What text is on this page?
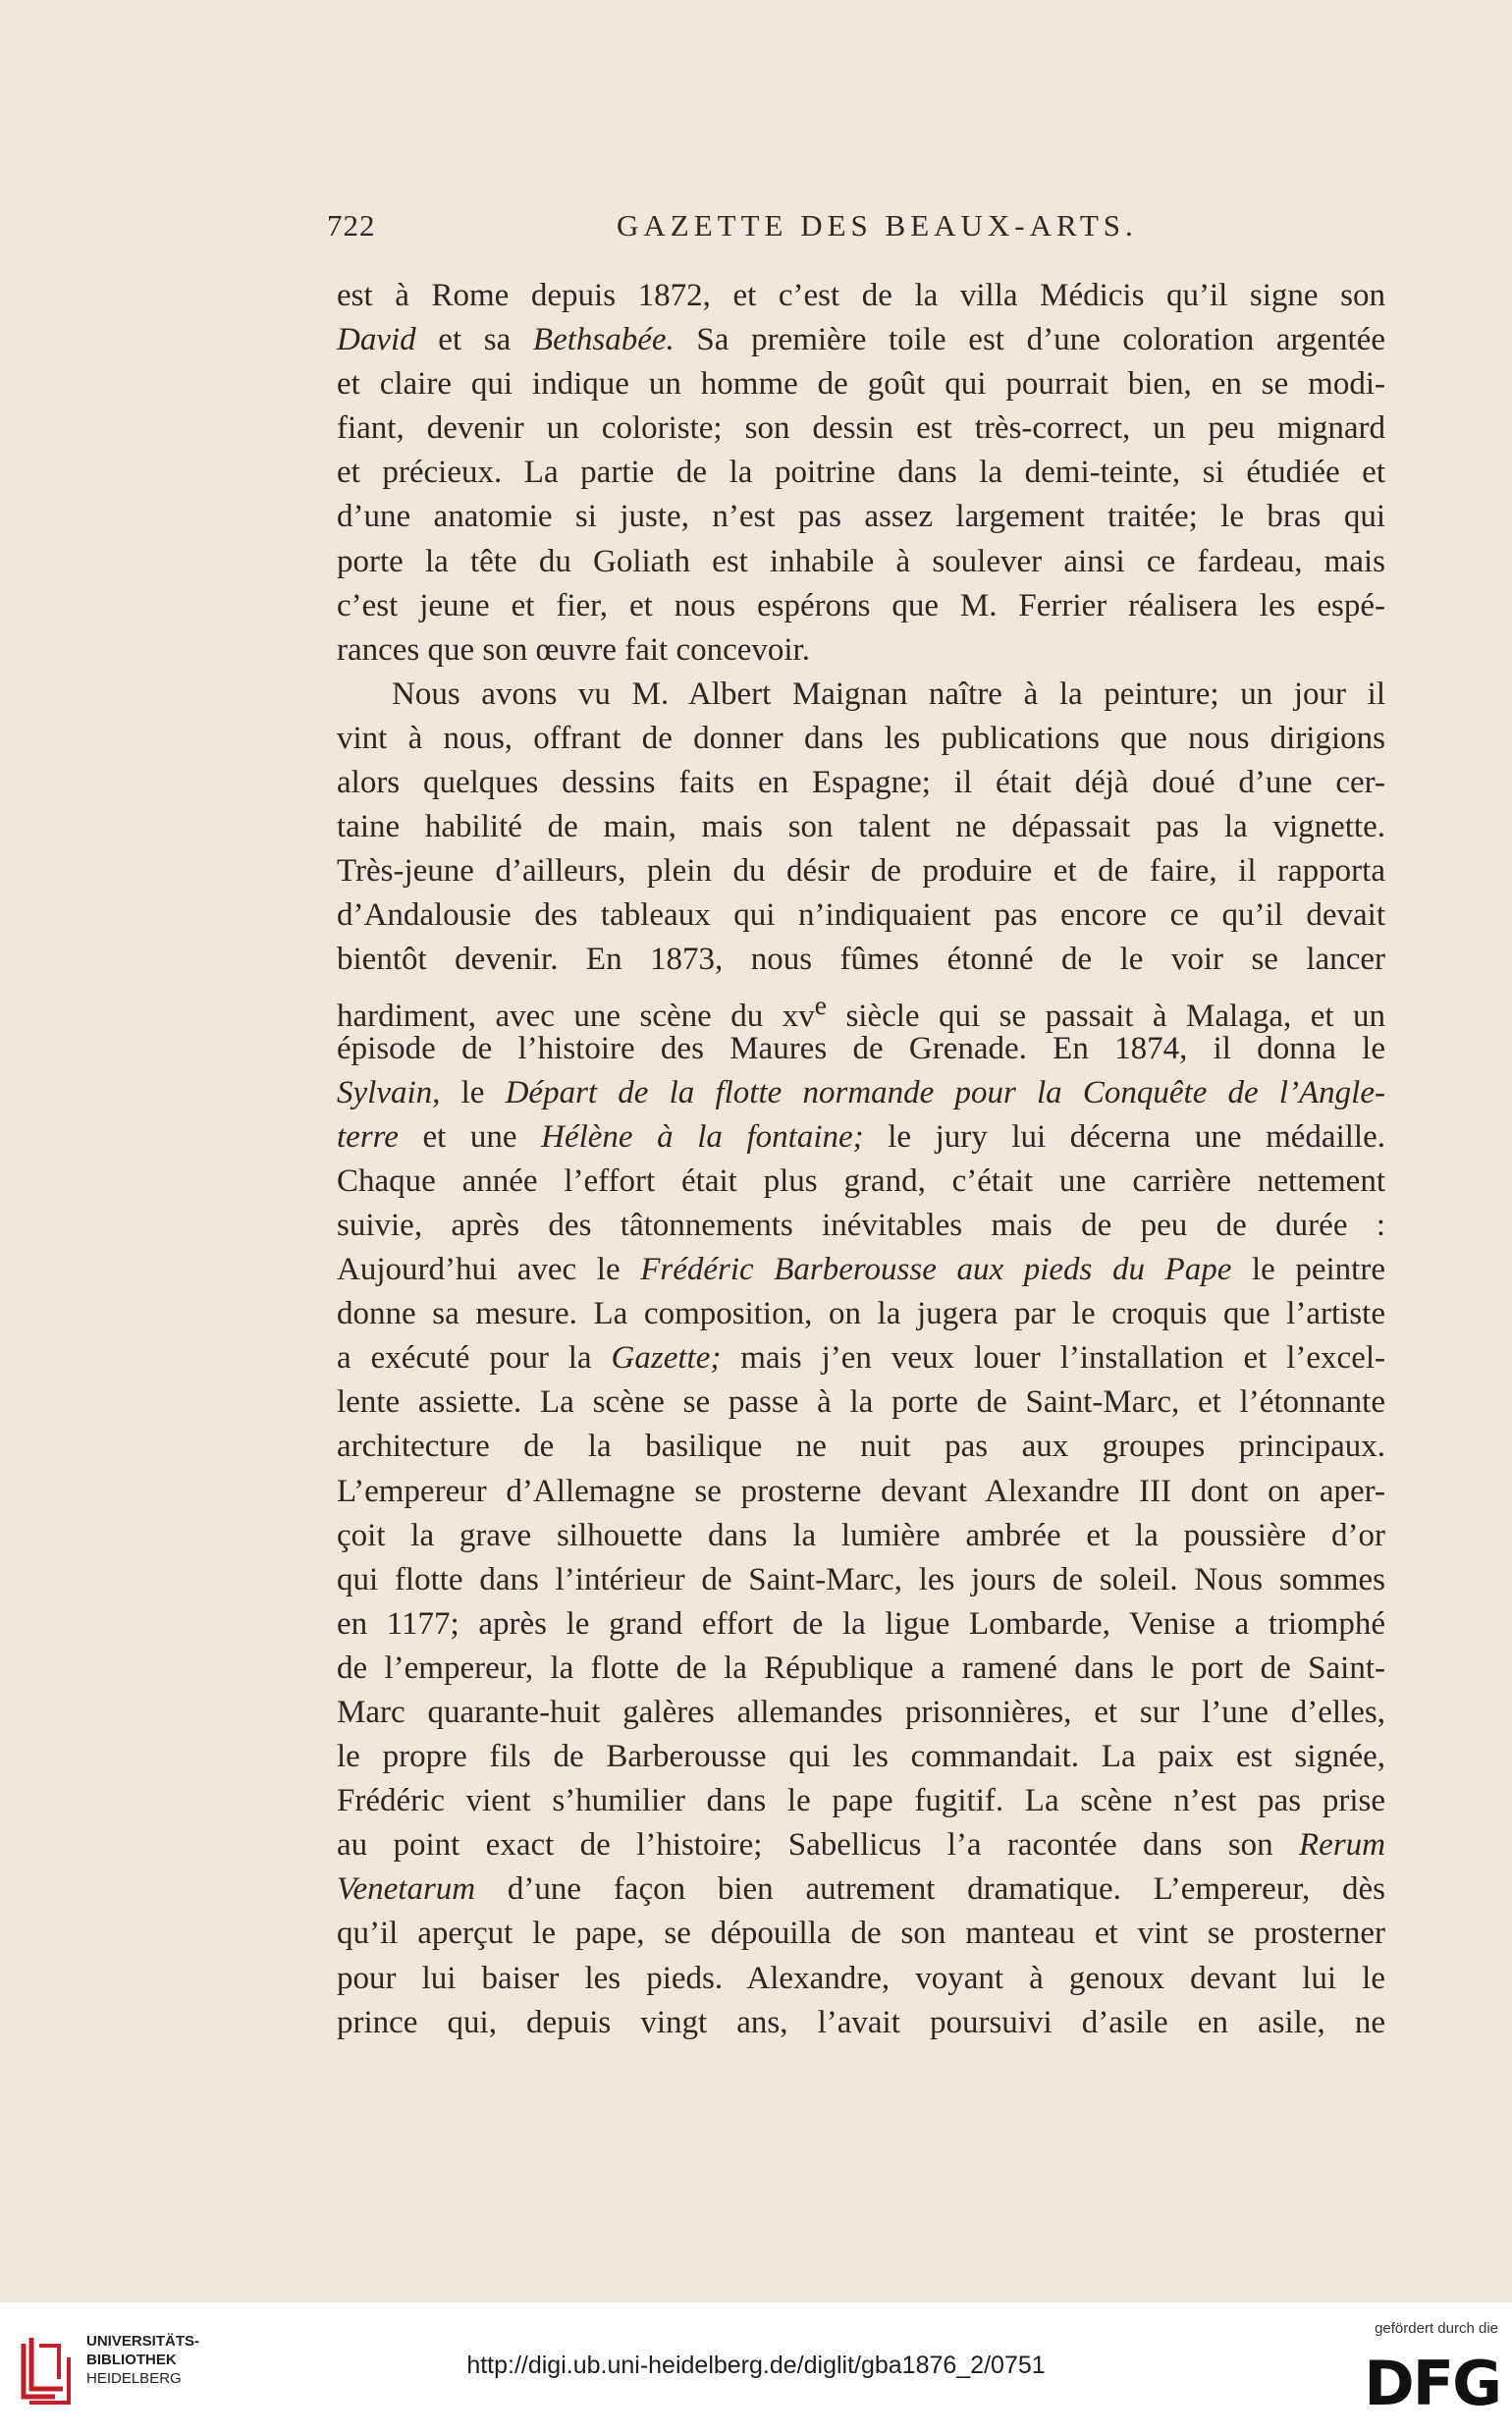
722	GAZETTE DES BEAUX-ARTS.
est à Rome depuis 1872, et c’est de la villa Médicis qu’il signe son
David et sa Bethsabée. Sa première toile est d’une coloration argentée
et claire qui indique un homme de goût qui pourrait bien, en se modi-
fiant, devenir un coloriste; son dessin est très-correct, un peu mignard
et précieux. La partie de la poitrine dans la demi-teinte, si étudiée et
d’une anatomie si juste, n’est pas assez largement traitée; le bras qui
porte la tête du Goliath est inhabile à soulever ainsi ce fardeau, mais
c’est jeune et fier, et nous espérons que M. Ferrier réalisera les espé-
rances que son œuvre fait concevoir.
Nous avons vu M. Albert Maignan naître à la peinture; un jour il
vint à nous, offrant de donner dans les publications que nous dirigions
alors quelques dessins faits en Espagne; il était déjà doué d’une cer-
taine habilité de main, mais son talent ne dépassait pas la vignette.
Très-jeune d’ailleurs, plein du désir de produire et de faire, il rapporta
d’Andalousie des tableaux qui n’indiquaient pas encore ce qu’il devait
bientôt devenir. En 1873, nous fûmes étonné de le voir se lancer
hardiment, avec une scène du $xv^e$ siècle qui se passait à Malaga, et un
épisode de l’histoire des Maures de Grenade. En 1874, il donna le
Sylvain, le Départ de la flotte normande pour la Conquête de l’Angle-
terre et une Hélène à la fontaine; le jury lui décerna une médaille.
Chaque année l’effort était plus grand, c’était une carrière nettement
suivie, après des tâtonnements inévitables mais de peu de durée :
Aujourd’hui avec le Frédéric Barberousse aux pieds du Pape le peintre
donne sa mesure. La composition, on la jugera par le croquis que l’artiste
a exécuté pour la Gazette; mais j’en veux louer l’installation et l’excel-
lente assiette. La scène se passe à la porte de Saint-Marc, et l’étonnante
architecture de la basilique ne nuit pas aux groupes principaux.
L’empereur d’Allemagne se prosterne devant Alexandre III dont on aper-
çoit la grave silhouette dans la lumière ambrée et la poussière d’or
qui flotte dans l’intérieur de Saint-Marc, les jours de soleil. Nous sommes
en 1177; après le grand effort de la ligue Lombarde, Venise a triomphé
de l’empereur, la flotte de la République a ramené dans le port de Saint-
Marc quarante-huit galères allemandes prisonnières, et sur l’une d’elles,
le propre fils de Barberousse qui les commandait. La paix est signée,
Frédéric vient s’humilier dans le pape fugitif. La scène n’est pas prise
au point exact de l’histoire; Sabellicus l’a racontée dans son Rerum
Venetarum d’une façon bien autrement dramatique. L’empereur, dès
qu’il aperçut le pape, se dépouilla de son manteau et vint se prosterner
pour lui baiser les pieds. Alexandre, voyant à genoux devant lui le
prince qui, depuis vingt ans, l’avait poursuivi d’asile en asile, ne
UNIVERSITÄTS-
BIBLIOTHEK
HEIDELBERG	http://digi.ub.uni-heidelberg.de/diglit/gba1876_2/0751
gefördert durch die
DFG
